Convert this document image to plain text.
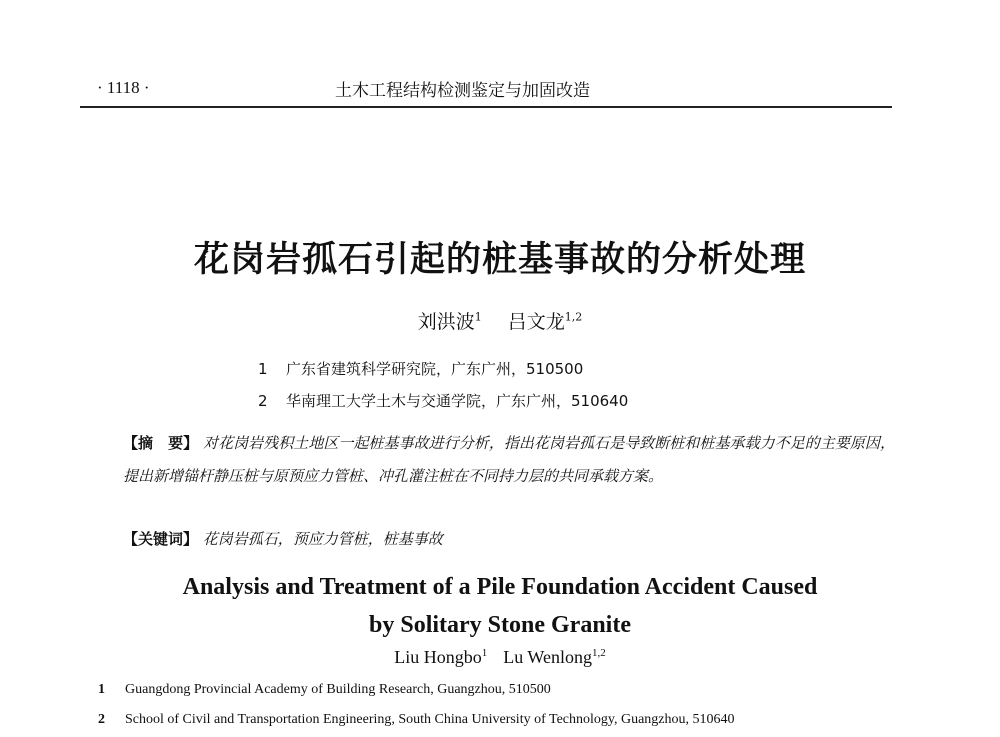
· 1118 ·	土木工程结构检测鉴定与加固改造
花岗岩孤石引起的桩基事故的分析处理
刘洪波$^1$ 吕文龙$^{1,2}$
1 广东省建筑科学研究院，广东广州，510500
2 华南理工大学土木与交通学院，广东广州，510640
【摘　要】 对花岗岩残积土地区一起桩基事故进行分析，指出花岗岩孤石是导致断桩和桩基承载力不足的主要原因，提出新增锚杆静压桩与原预应力管桩、冲孔灌注桩在不同持力层的共同承载方案。
【关键词】 花岗岩孤石，预应力管桩，桩基事故
Analysis and Treatment of a Pile Foundation Accident Caused
by Solitary Stone Granite
Liu Hongbo$^1$ Lu Wenlong$^{1,2}$
1 Guangdong Provincial Academy of Building Research, Guangzhou, 510500
2 School of Civil and Transportation Engineering, South China University of Technology, Guangzhou, 510640
